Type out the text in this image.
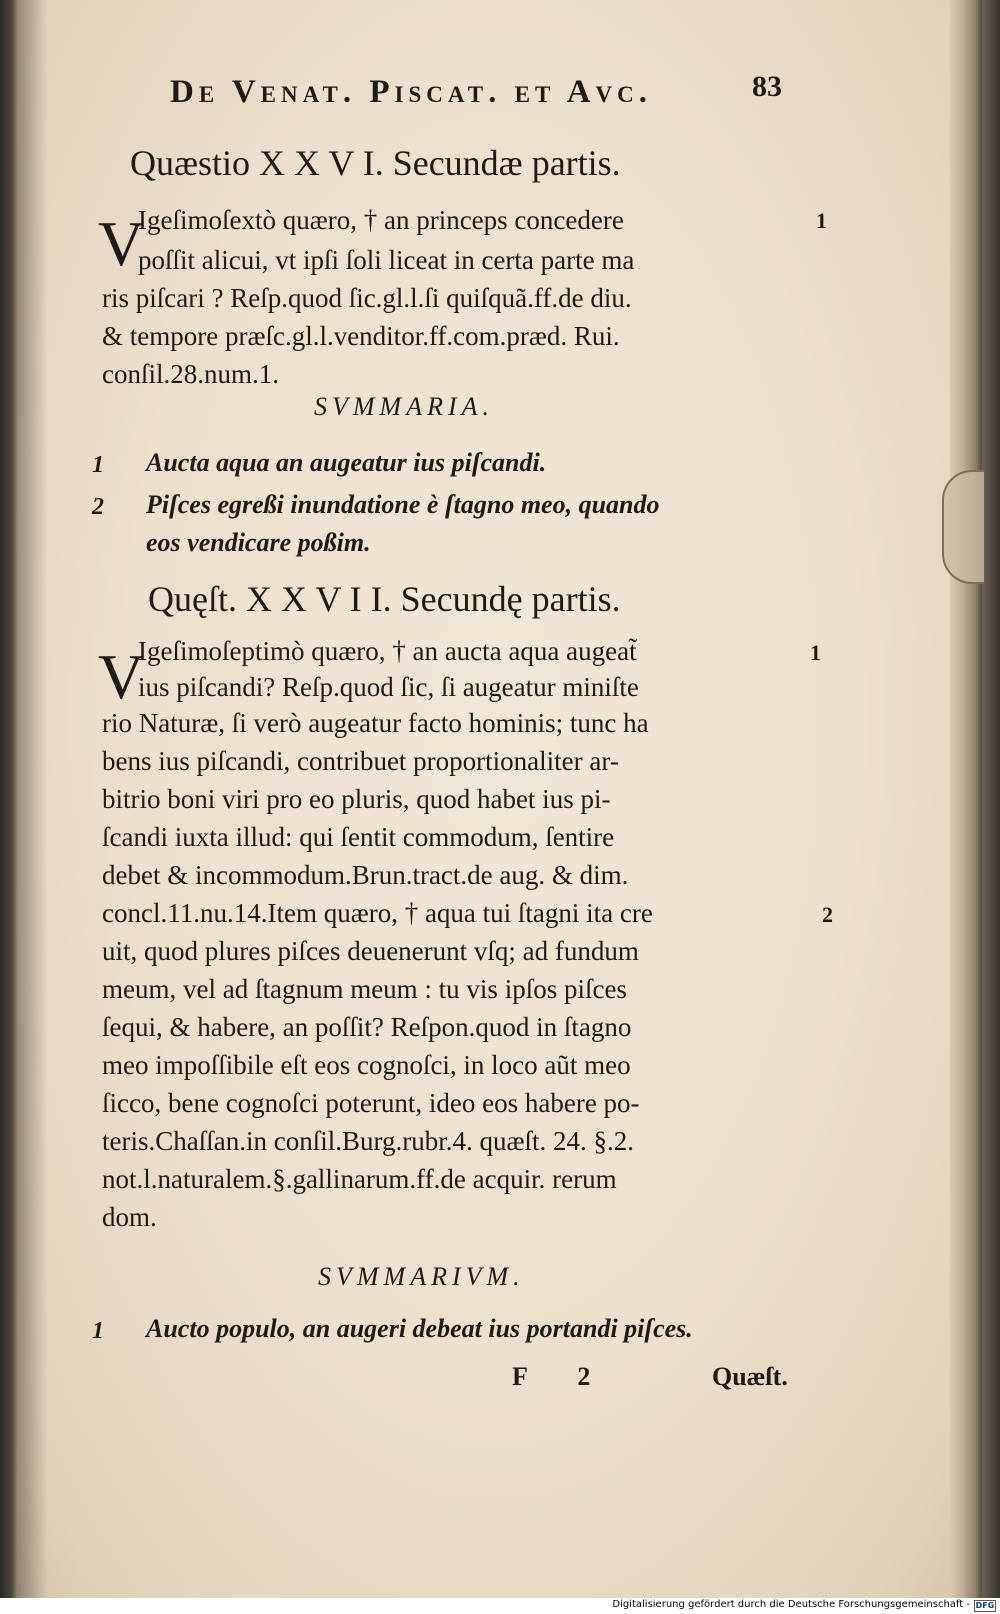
De Venat. Piscat. et Avc.	83
Quæstio X X V I. Secundæ partis.
V
Igeſimoſextò quæro, † an princeps concedere
poſſit alicui, vt ipſi ſoli liceat in certa parte ma
ris piſcari ? Reſp.quod ſic.gl.l.ſi quiſquã.ff.de diu.
& tempore præſc.gl.l.venditor.ff.com.præd. Rui.
conſil.28.num.1.
1
SVMMARIA.
1 Aucta aqua an augeatur ius piſcandi.
2 Piſces egreßi inundatione è ſtagno meo, quando
eos vendicare poßim.
Quęſt. X X V I I. Secundę partis.
V
Igeſimoſeptimò quæro, † an aucta aqua augeat̃
ius piſcandi? Reſp.quod ſic, ſi augeatur miniſte
rio Naturæ, ſi verò augeatur facto hominis; tunc ha
bens ius piſcandi, contribuet proportionaliter ar-
bitrio boni viri pro eo pluris, quod habet ius pi-
ſcandi iuxta illud: qui ſentit commodum, ſentire
debet & incommodum.Brun.tract.de aug. & dim.
concl.11.nu.14.Item quæro, † aqua tui ſtagni ita cre
uit, quod plures piſces deuenerunt vſq; ad fundum
meum, vel ad ſtagnum meum : tu vis ipſos piſces
ſequi, & habere, an poſſit? Reſpon.quod in ſtagno
meo impoſſibile eſt eos cognoſci, in loco aũt meo
ſicco, bene cognoſci poterunt, ideo eos habere po-
teris.Chaſſan.in conſil.Burg.rubr.4. quæſt. 24. §.2.
not.l.naturalem.§.gallinarum.ff.de acquir. rerum
dom.
1
2
SVMMARIVM.
1 Aucto populo, an augeri debeat ius portandi piſces.
F 2	Quæſt.
Digitalisierung gefördert durch die Deutsche Forschungsgemeinschaft - DFG
